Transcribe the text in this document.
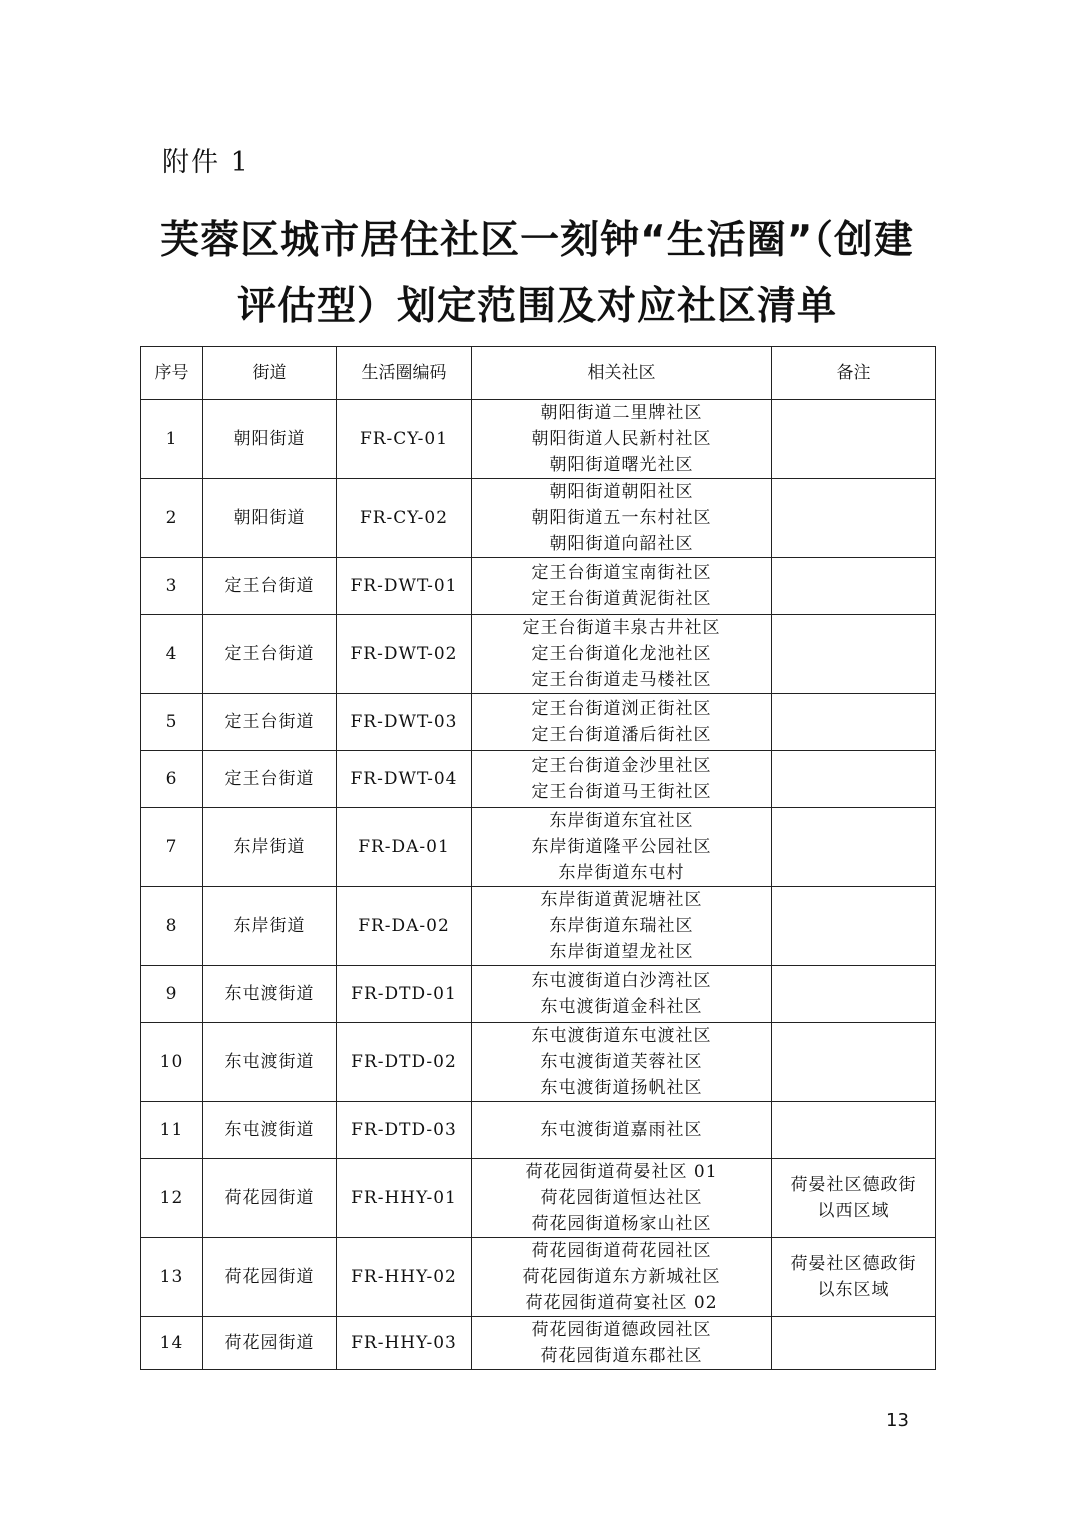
附件 1
芙蓉区城市居住社区一刻钟“生活圈”（创建
评估型）划定范围及对应社区清单
序号	街道	生活圈编码	相关社区	备注
1	朝阳街道	FR-CY-01	朝阳街道二里牌社区
朝阳街道人民新村社区
朝阳街道曙光社区	

2	朝阳街道	FR-CY-02	朝阳街道朝阳社区
朝阳街道五一东村社区
朝阳街道向韶社区	

3	定王台街道	FR-DWT-01	定王台街道宝南街社区
定王台街道黄泥街社区	

4	定王台街道	FR-DWT-02	定王台街道丰泉古井社区
定王台街道化龙池社区
定王台街道走马楼社区	

5	定王台街道	FR-DWT-03	定王台街道浏正街社区
定王台街道潘后街社区	

6	定王台街道	FR-DWT-04	定王台街道金沙里社区
定王台街道马王街社区	

7	东岸街道	FR-DA-01	东岸街道东宜社区
东岸街道隆平公园社区
东岸街道东屯村	

8	东岸街道	FR-DA-02	东岸街道黄泥塘社区
东岸街道东瑞社区
东岸街道望龙社区	

9	东屯渡街道	FR-DTD-01	东屯渡街道白沙湾社区
东屯渡街道金科社区	

10	东屯渡街道	FR-DTD-02	东屯渡街道东屯渡社区
东屯渡街道芙蓉社区
东屯渡街道扬帆社区	

11	东屯渡街道	FR-DTD-03	东屯渡街道嘉雨社区	

12	荷花园街道	FR-HHY-01	荷花园街道荷晏社区 01
荷花园街道恒达社区
荷花园街道杨家山社区	荷晏社区德政街
以西区域

13	荷花园街道	FR-HHY-02	荷花园街道荷花园社区
荷花园街道东方新城社区
荷花园街道荷宴社区 02	荷晏社区德政街
以东区域

14	荷花园街道	FR-HHY-03	荷花园街道德政园社区
荷花园街道东郡社区	

13
